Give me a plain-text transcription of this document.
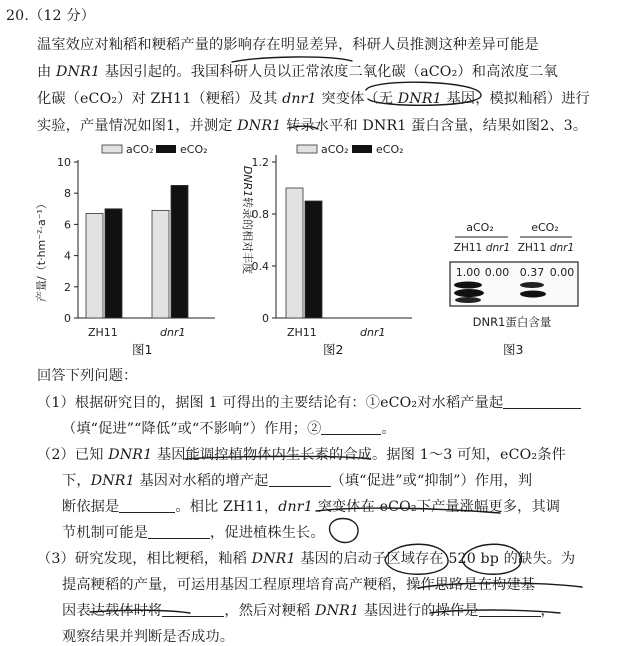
20.（12 分）
温室效应对籼稻和粳稻产量的影响存在明显差异，科研人员推测这种差异可能是
由 DNR1 基因引起的。我国科研人员以正常浓度二氧化碳（aCO₂）和高浓度二氧
化碳（eCO₂）对 ZH11（粳稻）及其 dnr1 突变体（无 DNR1 基因，模拟籼稻）进行
实验，产量情况如图1，并测定 DNR1 转录水平和 DNR1 蛋白含量，结果如图2、3。
aCO₂ eCO₂
0
2
4
6
8
10
ZH11	dnr1
产量/（t·hm⁻²·a⁻¹）
图1
aCO₂	eCO₂
0
0.4
0.8
1.2
ZH11	dnr1
DNR1转录的相对丰度
图2
aCO₂	eCO₂
ZH11 dnr1 ZH11 dnr1
1.00 0.00 0.37 0.00
DNR1蛋白含量
图3
回答下列问题：
（1）根据研究目的，据图 1 可得出的主要结论有：①eCO₂对水稻产量起
（填“促进”“降低”或“不影响”）作用；②	。
（2）已知 DNR1 基因能调控植物体内生长素的合成。据图 1～3 可知，eCO₂条件
下，DNR1 基因对水稻的增产起	（填“促进”或“抑制”）作用，判
断依据是	。相比 ZH11，dnr1 突变体在 eCO₂下产量涨幅更多，其调
节机制可能是	，促进植株生长。
（3）研究发现，相比粳稻，籼稻 DNR1 基因的启动子区域存在 520 bp 的缺失。为
提高粳稻的产量，可运用基因工程原理培育高产粳稻，操作思路是在构建基
因表达载体时将	，然后对粳稻 DNR1 基因进行的操作是	，
观察结果并判断是否成功。
